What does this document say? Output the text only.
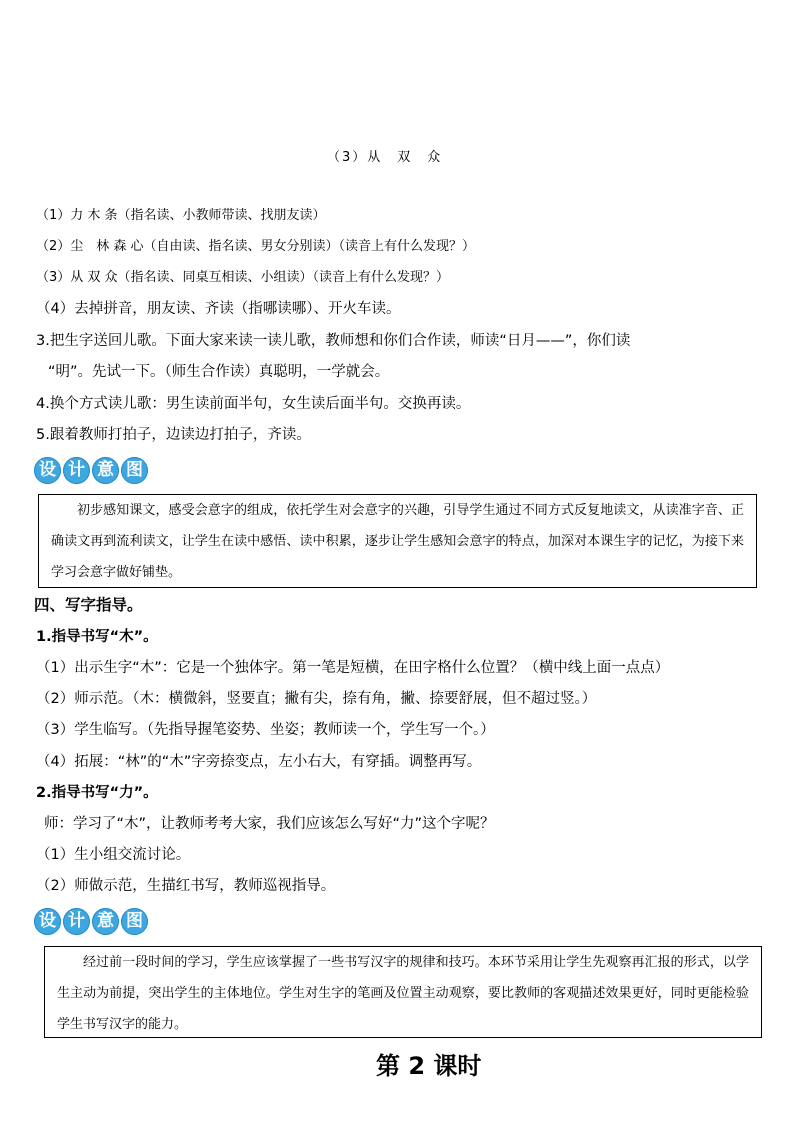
（3）从　双　众
（1）力 木 条（指名读、小教师带读、找朋友读）
（2）尘　林 森 心（自由读、指名读、男女分别读）（读音上有什么发现？）
（3）从 双 众（指名读、同桌互相读、小组读）（读音上有什么发现？）
（4）去掉拼音，朋友读、齐读（指哪读哪）、开火车读。
3.把生字送回儿歌。下面大家来读一读儿歌，教师想和你们合作读，师读“日月——”，你们读
“明”。先试一下。（师生合作读）真聪明，一学就会。
4.换个方式读儿歌：男生读前面半句，女生读后面半句。交换再读。
5.跟着教师打拍子，边读边打拍子，齐读。
设 计 意 图

初步感知课文，感受会意字的组成，依托学生对会意字的兴趣，引导学生通过不同方式反复地读文，从读准字音、正确读文再到流利读文，让学生在读中感悟、读中积累，逐步让学生感知会意字的特点，加深对本课生字的记忆，为接下来学习会意字做好铺垫。

四、写字指导。
1.指导书写“木”。
（1）出示生字“木”：它是一个独体字。第一笔是短横，在田字格什么位置？（横中线上面一点点）
（2）师示范。（木：横微斜，竖要直；撇有尖，捺有角，撇、捺要舒展，但不超过竖。）
（3）学生临写。（先指导握笔姿势、坐姿；教师读一个，学生写一个。）
（4）拓展：“林”的“木”字旁捺变点，左小右大，有穿插。调整再写。
2.指导书写“力”。
师：学习了“木”，让教师考考大家，我们应该怎么写好“力”这个字呢？
（1）生小组交流讨论。
（2）师做示范，生描红书写，教师巡视指导。
设 计 意 图

经过前一段时间的学习，学生应该掌握了一些书写汉字的规律和技巧。本环节采用让学生先观察再汇报的形式，以学生主动为前提，突出学生的主体地位。学生对生字的笔画及位置主动观察，要比教师的客观描述效果更好，同时更能检验学生书写汉字的能力。

第 2 课时
